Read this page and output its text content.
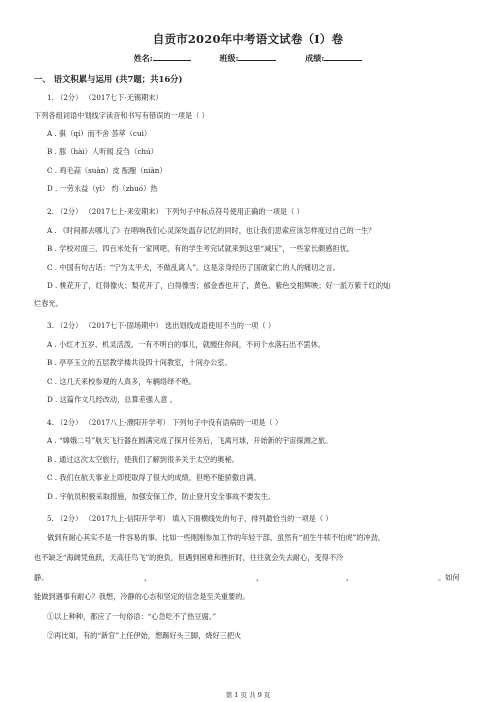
自贡市2020年中考语文试卷（I）卷
姓名:	班级:	成绩:
一、 语文积累与运用 (共7题；共16分)
1. （2分） （2017七下·无锡期末）
下列各组词语中划线字读音和书写有错误的一项是（ ）
A . 骐（qí）而不舍 荟萃（cuì）
B . 豚（hài）人听闻 反刍（chú）
C . 鸡毛蒜（suàn）皮 酝酿（niàn）
D . 一劳永益（yì） 灼（zhuó）热
2. （2分） （2017七上·来安期末） 下列句子中标点符号使用正确的一项是（ ）
A . 《时间都去哪儿了》在唱响我们心灵深处温存记忆的同时，也让我们思索应该怎样度过自己的一生？
B . 学校对面三、四百米处有一家网吧，有的学生考完试就来到这里“减压”，一些家长颇感担忧。
C . 中国有句古话：“宁为太平犬，不做乱离人”。这是亲身经历了国破家亡的人的痛切之言。
D . 桃花开了，红得像火；梨花开了，白得像雪；郁金香也开了，黄色、紫色交相辉映；好一派万紫千红的灿
烂春光。
3. （2分） （2017七下·固场期中） 选出划线成语使用不当的一项（ ）
A . 小红才五岁、机灵活泼，一有不明白的事儿，就缠住你间，不问个水落石出不罢休。
B . 亭亭玉立的五层教学楼共设四十间教室，十间办公室。
C . 这几天来校参观的人真多，车辆络绎不绝。
D . 这篇作文几经改动，总算差强人意 。
4. （2分） （2017八上·濮阳开学考） 下列句子中没有语病的一项是（ ）
A . “嫦娥二号”航天飞行器在圆满完成了探月任务后，飞离月球，开始新的宇宙探测之旅。
B . 通过这次太空旅行，使我们了解到很多关于太空的奥秘。
C . 我们在航天事业上即使取得了很大的成绩，但绝不能骄傲自满。
D . 宇航员积极采取措施，加强安保工作，防止登月安全事故不要发生。
5. （2分） （2017九上·信阳开学考） 填入下面横线处的句子，排列最恰当的一项是（ ）
做到有耐心其实不是一件容易的事。比如一些刚刚参加工作的年轻干部，虽然有“初生牛犊不怕虎”的冲劲，
也不缺乏“海阔凭鱼跃，天高任鸟飞”的抱负，但遇到困难和挫折时，往往就会失去耐心，变得不冷
静。	，	，	，	。如何
能做到遇事有耐心？我想，冷静的心态和坚定的信念是至关重要的。
①以上种种，都应了一句俗语：“心急吃不了热豆腐。”
②再比如，有的“新官”上任伊始，想踢好头三脚，烧好三把火
第 1 页 共 9 页
